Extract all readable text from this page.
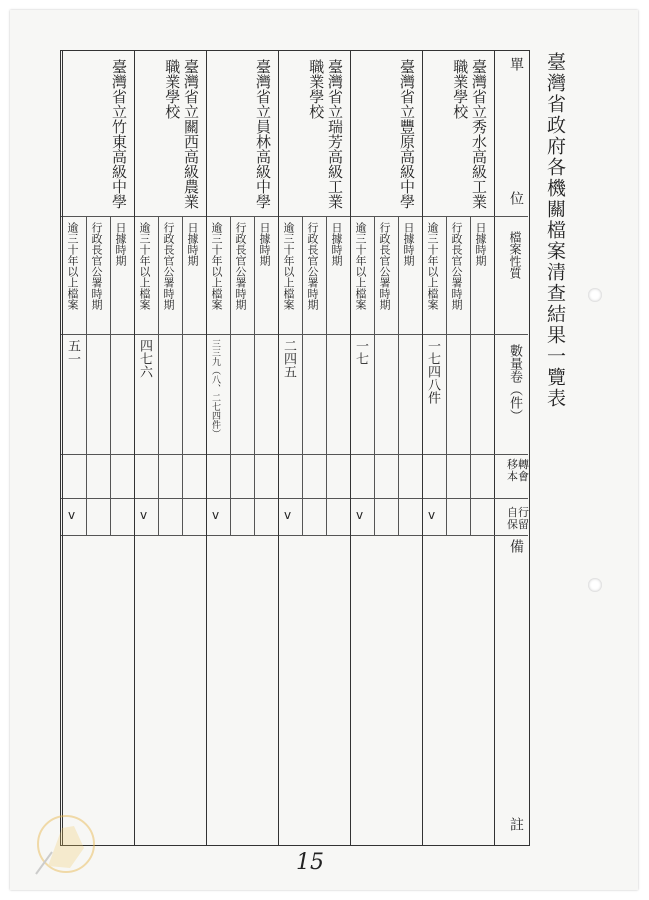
臺灣省政府各機關檔案清查結果一覽表
單
位
檔案性質
數量卷（件）
移轉本會
自行保留
備
註
臺灣省立秀水高級工業職業學校
日據時期
行政長官公署時期
逾三十年以上檔案
一七四八件
v
臺灣省立豐原高級中學
日據時期
行政長官公署時期
逾三十年以上檔案
一七
v
臺灣省立瑞芳高級工業職業學校
日據時期
行政長官公署時期
逾三十年以上檔案
二四五
v
臺灣省立員林高級中學
日據時期
行政長官公署時期
逾三十年以上檔案
三三九（八、二七四件）
v
臺灣省立關西高級農業職業學校
日據時期
行政長官公署時期
逾三十年以上檔案
四七六
v
臺灣省立竹東高級中學
日據時期
行政長官公署時期
逾三十年以上檔案
五一
v
15
